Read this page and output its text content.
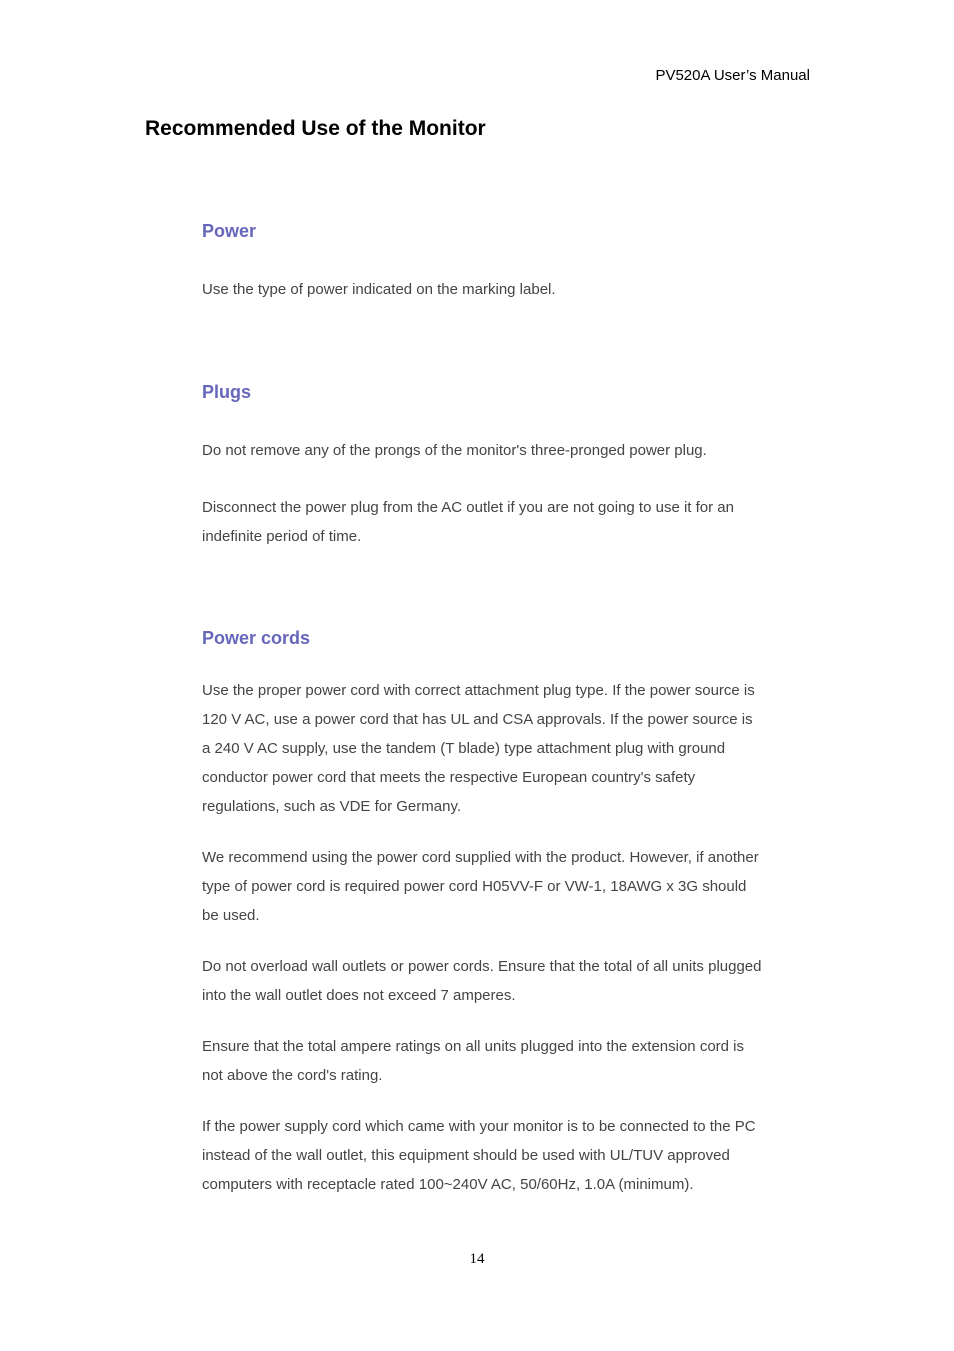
PV520A User’s Manual
Recommended Use of the Monitor
Power

Use the type of power indicated on the marking label.

Plugs

Do not remove any of the prongs of the monitor's three-pronged power plug.

Disconnect the power plug from the AC outlet if you are not going to use it for an indefinite period of time.

Power cords

Use the proper power cord with correct attachment plug type. If the power source is 120 V AC, use a power cord that has UL and CSA approvals. If the power source is a 240 V AC supply, use the tandem (T blade) type attachment plug with ground conductor power cord that meets the respective European country's safety regulations, such as VDE for Germany.

We recommend using the power cord supplied with the product. However, if another type of power cord is required power cord H05VV-F or VW-1, 18AWG x 3G should be used.

Do not overload wall outlets or power cords. Ensure that the total of all units plugged into the wall outlet does not exceed 7 amperes.

Ensure that the total ampere ratings on all units plugged into the extension cord is not above the cord's rating.

If the power supply cord which came with your monitor is to be connected to the PC instead of the wall outlet, this equipment should be used with UL/TUV approved computers with receptacle rated 100~240V AC, 50/60Hz, 1.0A (minimum).

14
